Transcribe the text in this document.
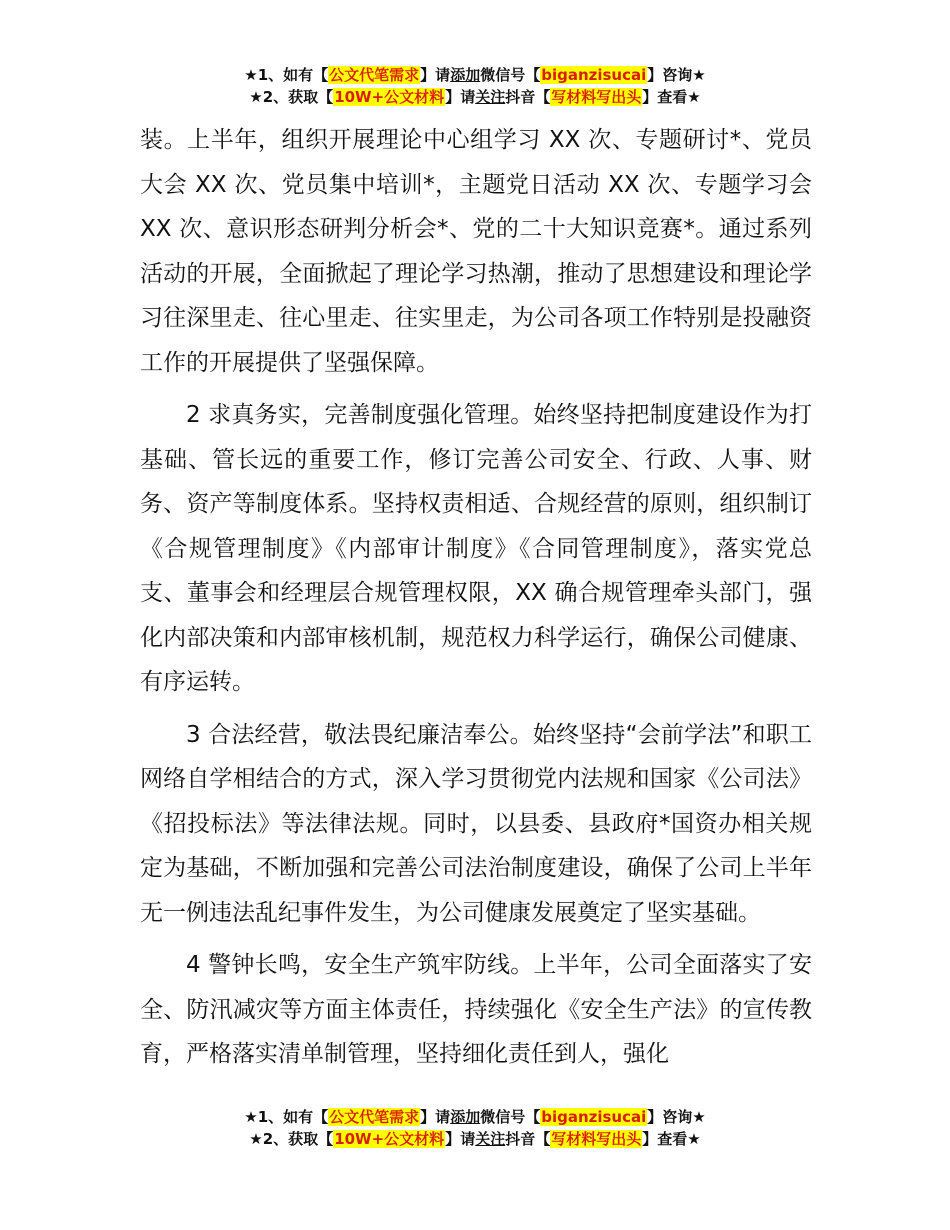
★1、如有【公文代笔需求】请添加微信号【biganzisucai】咨询★
★2、获取【10W+公文材料】请关注抖音【写材料写出头】查看★

装。上半年，组织开展理论中心组学习 XX 次、专题研讨*、党员大会 XX 次、党员集中培训*，主题党日活动 XX 次、专题学习会 XX 次、意识形态研判分析会*、党的二十大知识竞赛*。通过系列活动的开展，全面掀起了理论学习热潮，推动了思想建设和理论学习往深里走、往心里走、往实里走，为公司各项工作特别是投融资工作的开展提供了坚强保障。

2 求真务实，完善制度强化管理。始终坚持把制度建设作为打基础、管长远的重要工作，修订完善公司安全、行政、人事、财务、资产等制度体系。坚持权责相适、合规经营的原则，组织制订《合规管理制度》《内部审计制度》《合同管理制度》，落实党总支、董事会和经理层合规管理权限，XX 确合规管理牵头部门，强化内部决策和内部审核机制，规范权力科学运行，确保公司健康、有序运转。

3 合法经营，敬法畏纪廉洁奉公。始终坚持“会前学法”和职工网络自学相结合的方式，深入学习贯彻党内法规和国家《公司法》《招投标法》等法律法规。同时，以县委、县政府*国资办相关规定为基础，不断加强和完善公司法治制度建设，确保了公司上半年无一例违法乱纪事件发生，为公司健康发展奠定了坚实基础。

4 警钟长鸣，安全生产筑牢防线。上半年，公司全面落实了安全、防汛减灾等方面主体责任，持续强化《安全生产法》的宣传教育，严格落实清单制管理，坚持细化责任到人，强化

★1、如有【公文代笔需求】请添加微信号【biganzisucai】咨询★
★2、获取【10W+公文材料】请关注抖音【写材料写出头】查看★
